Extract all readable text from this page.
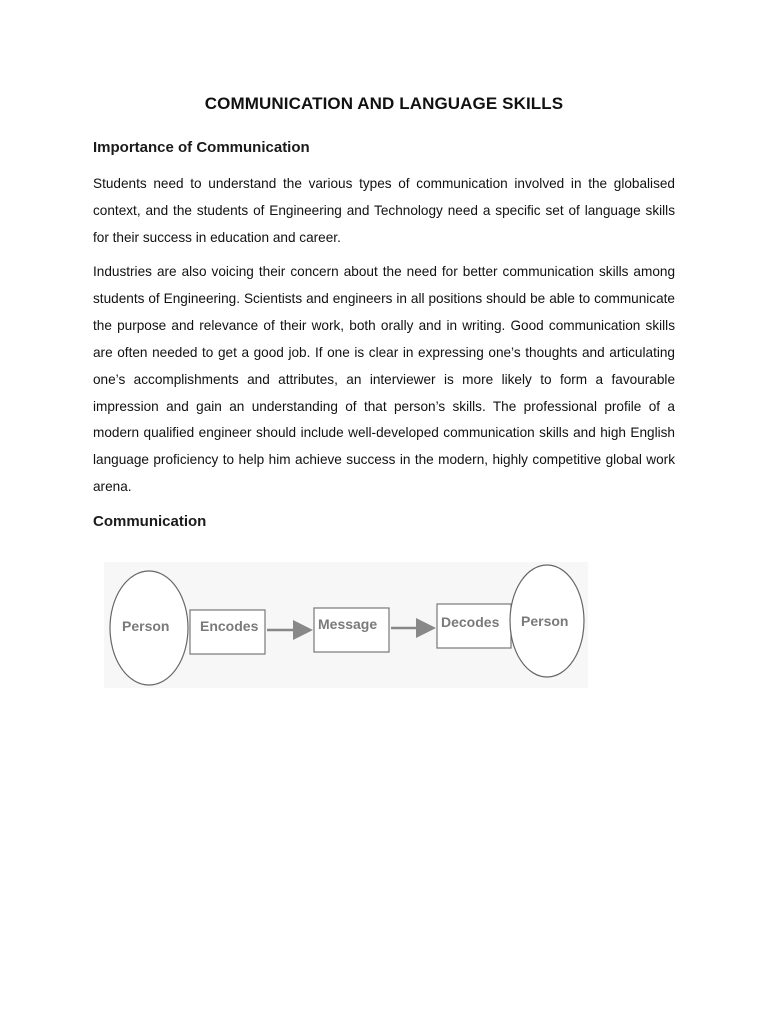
COMMUNICATION AND LANGUAGE SKILLS
Importance of Communication

Students need to understand the various types of communication involved in the globalised context, and the students of Engineering and Technology need a specific set of language skills for their success in education and career.

Industries are also voicing their concern about the need for better communication skills among students of Engineering. Scientists and engineers in all positions should be able to communicate the purpose and relevance of their work, both orally and in writing. Good communication skills are often needed to get a good job. If one is clear in expressing one’s thoughts and articulating one’s accomplishments and attributes, an interviewer is more likely to form a favourable impression and gain an understanding of that person’s skills. The professional profile of a modern qualified engineer should include well-developed communication skills and high English language proficiency to help him achieve success in the modern, highly competitive global work arena.

Communication
Person Encodes	Message	Decodes Person
